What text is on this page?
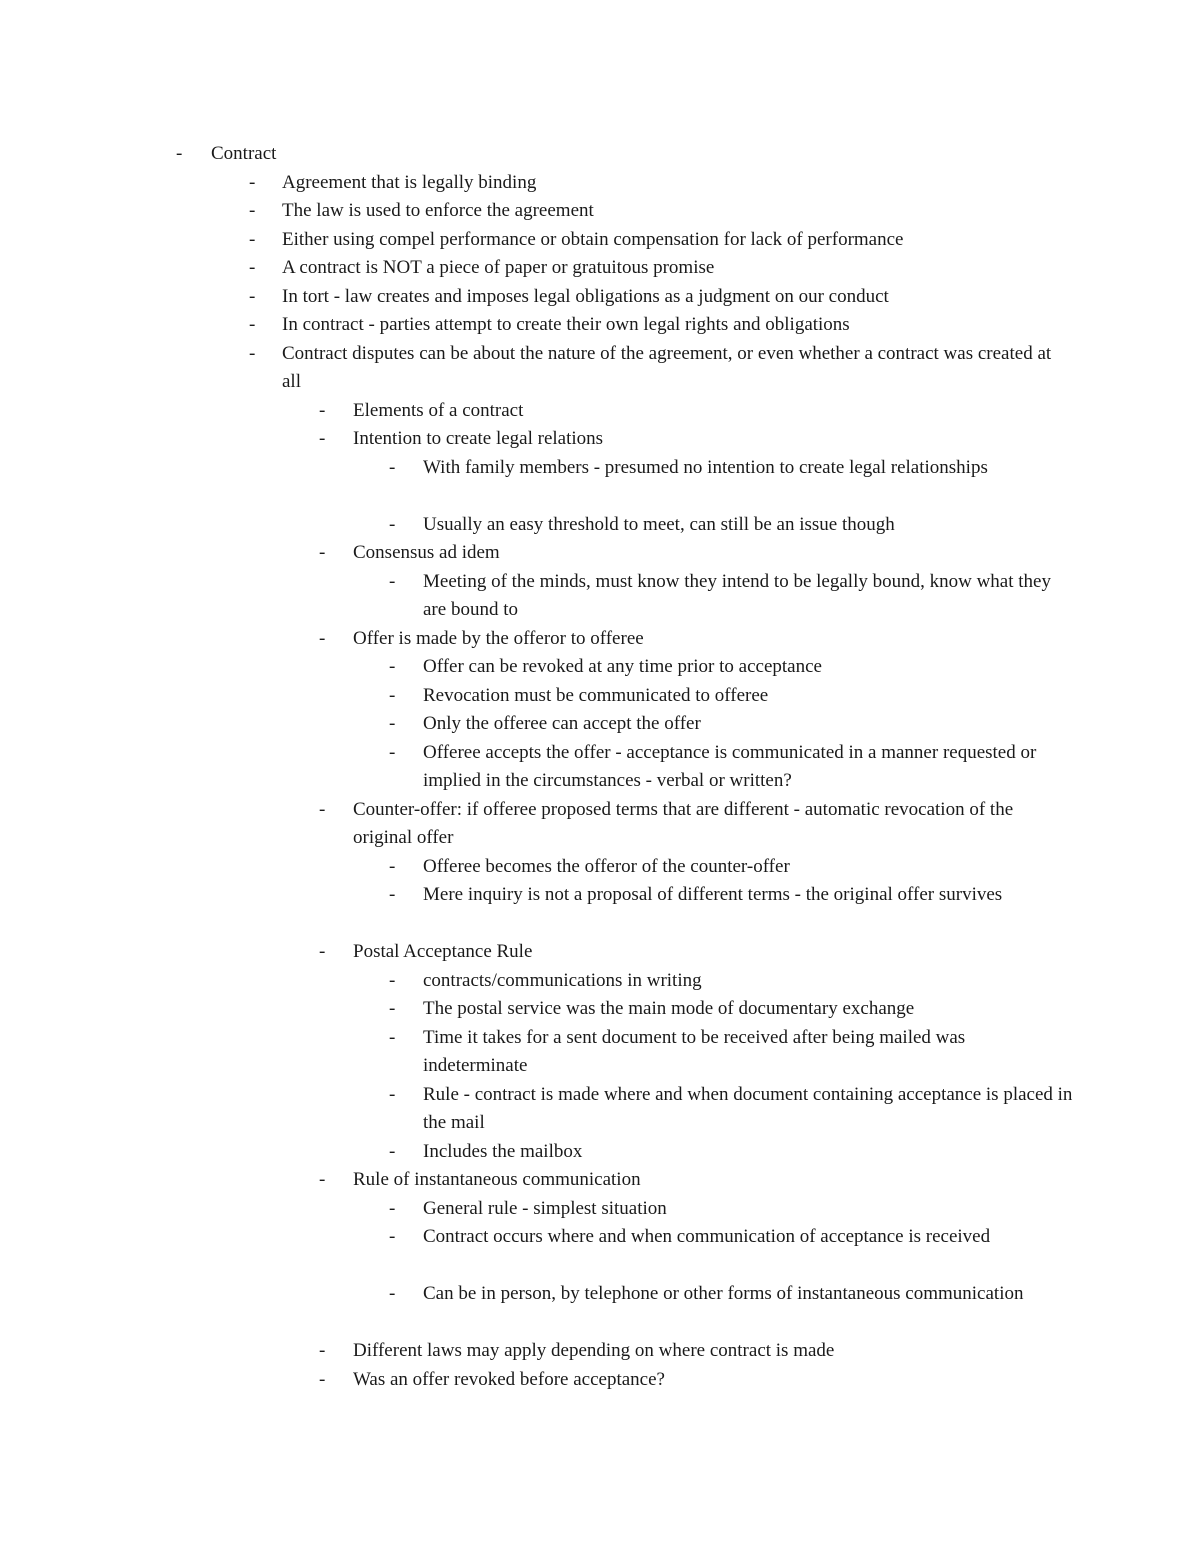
- Contract
- Agreement that is legally binding
- The law is used to enforce the agreement
- Either using compel performance or obtain compensation for lack of performance
- A contract is NOT a piece of paper or gratuitous promise
- In tort - law creates and imposes legal obligations as a judgment on our conduct
- In contract - parties attempt to create their own legal rights and obligations
- Contract disputes can be about the nature of the agreement, or even whether a contract was created at all
- Elements of a contract
- Intention to create legal relations
- With family members - presumed no intention to create legal relationships
- Usually an easy threshold to meet, can still be an issue though
- Consensus ad idem
- Meeting of the minds, must know they intend to be legally bound, know what they are bound to
- Offer is made by the offeror to offeree
- Offer can be revoked at any time prior to acceptance
- Revocation must be communicated to offeree
- Only the offeree can accept the offer
- Offeree accepts the offer - acceptance is communicated in a manner requested or implied in the circumstances - verbal or written?
- Counter-offer: if offeree proposed terms that are different - automatic revocation of the original offer
- Offeree becomes the offeror of the counter-offer
- Mere inquiry is not a proposal of different terms - the original offer survives
- Postal Acceptance Rule
- contracts/communications in writing
- The postal service was the main mode of documentary exchange
- Time it takes for a sent document to be received after being mailed was indeterminate
- Rule - contract is made where and when document containing acceptance is placed in the mail
- Includes the mailbox
- Rule of instantaneous communication
- General rule - simplest situation
- Contract occurs where and when communication of acceptance is received
- Can be in person, by telephone or other forms of instantaneous communication
- Different laws may apply depending on where contract is made
- Was an offer revoked before acceptance?
